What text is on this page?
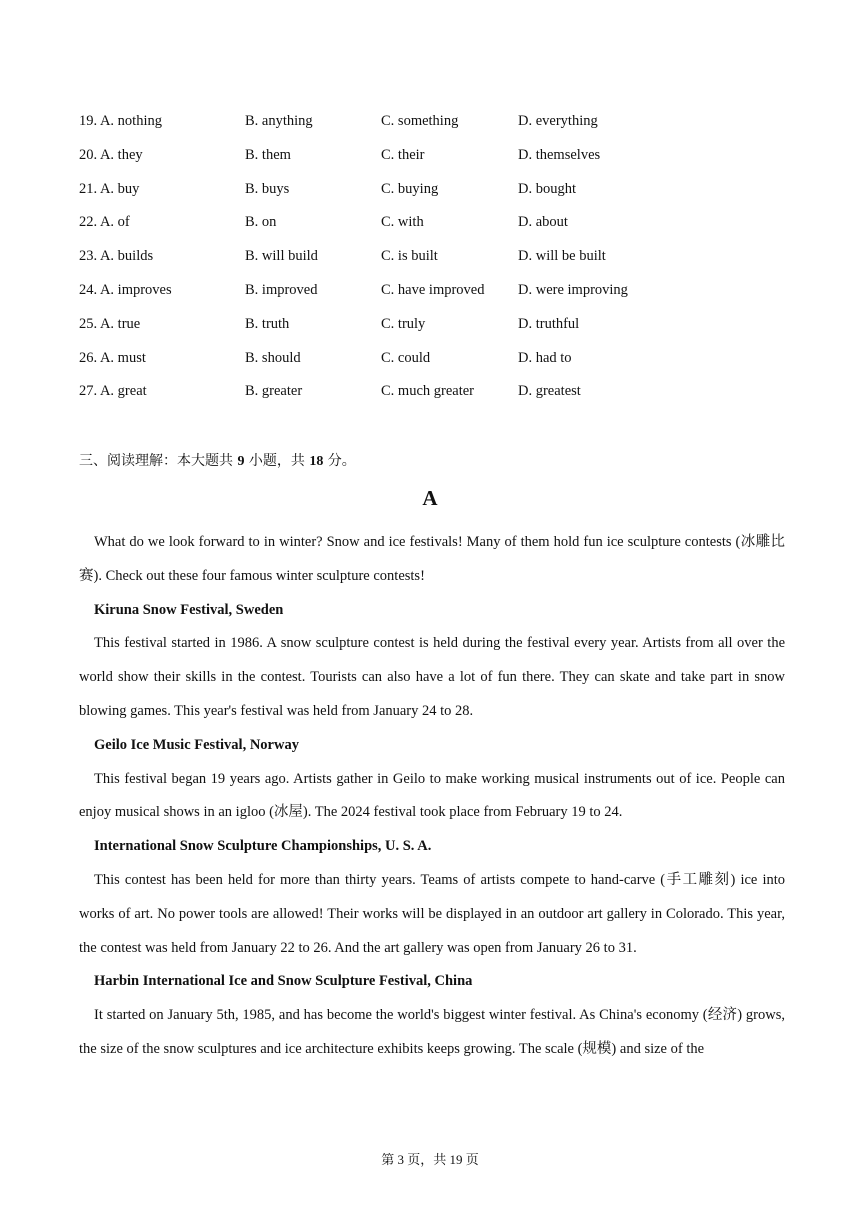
19. A. nothing	B. anything	C. something	D. everything
20. A. they	B. them	C. their	D. themselves
21. A. buy	B. buys	C. buying	D. bought
22. A. of	B. on	C. with	D. about
23. A. builds	B. will build	C. is built	D. will be built
24. A. improves	B. improved	C. have improved D. were improving
25. A. true	B. truth	C. truly	D. truthful
26. A. must	B. should	C. could	D. had to
27. A. great	B. greater	C. much greater	D. greatest
三、阅读理解：本大题共 9 小题，共 18 分。
A

What do we look forward to in winter? Snow and ice festivals! Many of them hold fun ice sculpture contests (冰雕比赛). Check out these four famous winter sculpture contests!

Kiruna Snow Festival, Sweden

This festival started in 1986. A snow sculpture contest is held during the festival every year. Artists from all over the world show their skills in the contest. Tourists can also have a lot of fun there. They can skate and take part in snow blowing games. This year's festival was held from January 24 to 28.

Geilo Ice Music Festival, Norway

This festival began 19 years ago. Artists gather in Geilo to make working musical instruments out of ice. People can enjoy musical shows in an igloo (冰屋). The 2024 festival took place from February 19 to 24.

International Snow Sculpture Championships, U. S. A.

This contest has been held for more than thirty years. Teams of artists compete to hand-carve (手工雕刻) ice into works of art. No power tools are allowed! Their works will be displayed in an outdoor art gallery in Colorado. This year, the contest was held from January 22 to 26. And the art gallery was open from January 26 to 31.

Harbin International Ice and Snow Sculpture Festival, China

It started on January 5th, 1985, and has become the world's biggest winter festival. As China's economy (经济) grows, the size of the snow sculptures and ice architecture exhibits keeps growing. The scale (规模) and size of the

第 3 页，共 19 页
